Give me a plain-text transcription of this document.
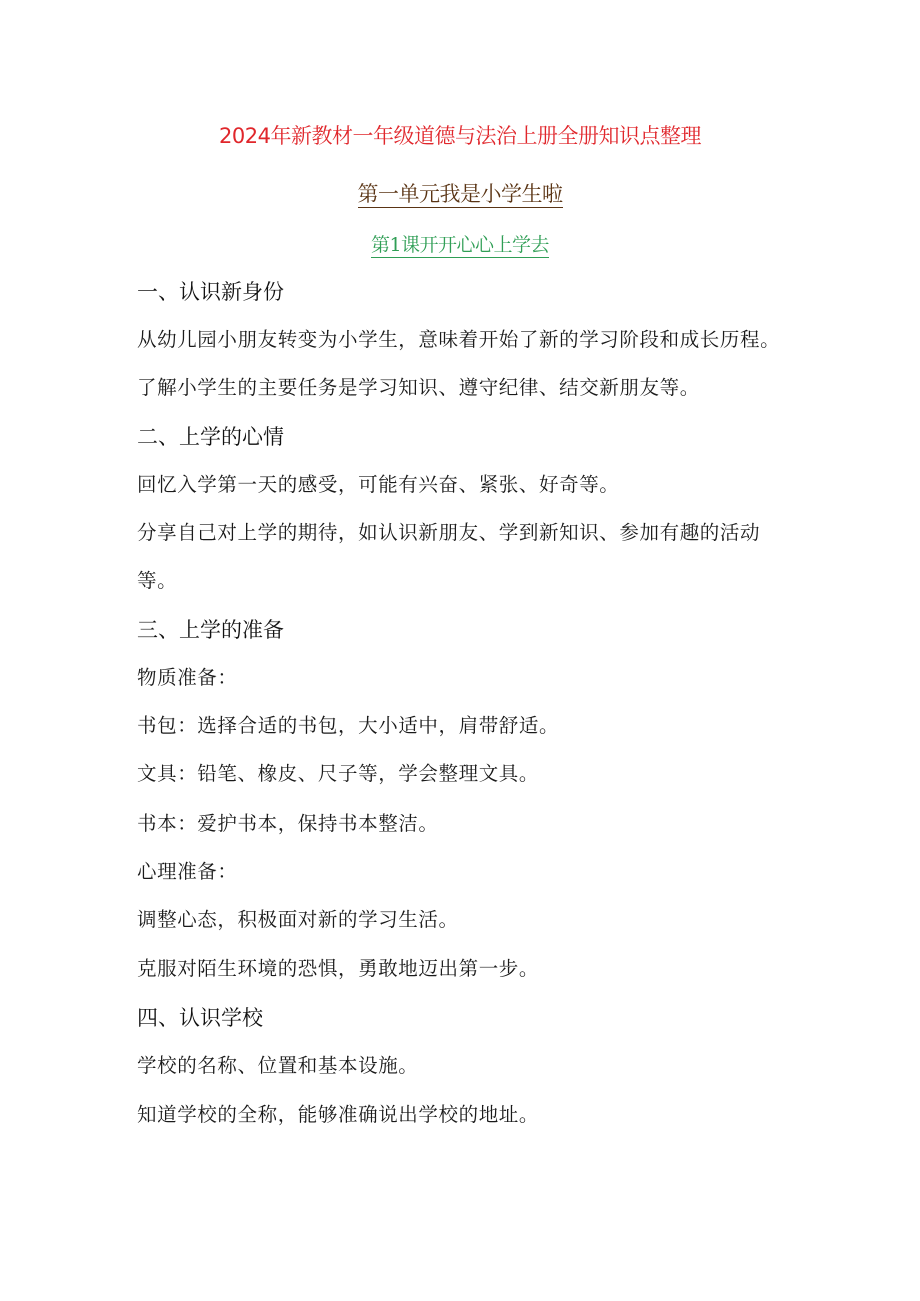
2024年新教材一年级道德与法治上册全册知识点整理
第一单元我是小学生啦
第1课开开心心上学去
一、认识新身份
从幼儿园小朋友转变为小学生，意味着开始了新的学习阶段和成长历程。
了解小学生的主要任务是学习知识、遵守纪律、结交新朋友等。
二、上学的心情
回忆入学第一天的感受，可能有兴奋、紧张、好奇等。
分享自己对上学的期待，如认识新朋友、学到新知识、参加有趣的活动
等。
三、上学的准备
物质准备：
书包：选择合适的书包，大小适中，肩带舒适。
文具：铅笔、橡皮、尺子等，学会整理文具。
书本：爱护书本，保持书本整洁。
心理准备：
调整心态，积极面对新的学习生活。
克服对陌生环境的恐惧，勇敢地迈出第一步。
四、认识学校
学校的名称、位置和基本设施。
知道学校的全称，能够准确说出学校的地址。
